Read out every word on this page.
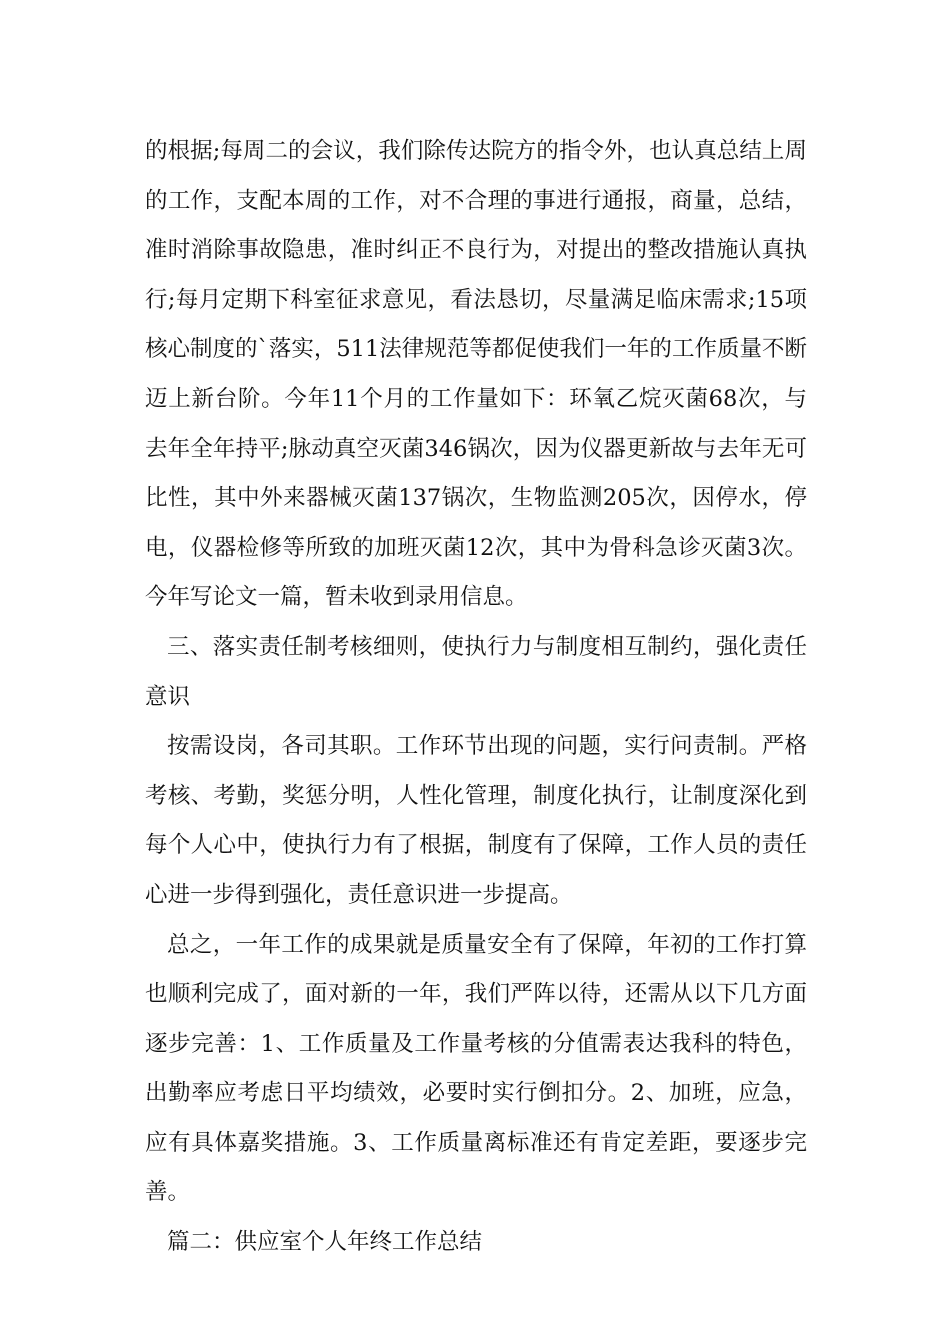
的根据;每周二的会议，我们除传达院方的指令外，也认真总结上周的工作，支配本周的工作，对不合理的事进行通报，商量，总结，准时消除事故隐患，准时纠正不良行为，对提出的整改措施认真执行;每月定期下科室征求意见，看法恳切，尽量满足临床需求;15项核心制度的`落实，511法律规范等都促使我们一年的工作质量不断迈上新台阶。今年11个月的工作量如下：环氧乙烷灭菌68次，与去年全年持平;脉动真空灭菌346锅次，因为仪器更新故与去年无可比性，其中外来器械灭菌137锅次，生物监测205次，因停水，停电，仪器检修等所致的加班灭菌12次，其中为骨科急诊灭菌3次。今年写论文一篇，暂未收到录用信息。

三、落实责任制考核细则，使执行力与制度相互制约，强化责任意识

按需设岗，各司其职。工作环节出现的问题，实行问责制。严格考核、考勤，奖惩分明，人性化管理，制度化执行，让制度深化到每个人心中，使执行力有了根据，制度有了保障，工作人员的责任心进一步得到强化，责任意识进一步提高。

总之，一年工作的成果就是质量安全有了保障，年初的工作打算也顺利完成了，面对新的一年，我们严阵以待，还需从以下几方面逐步完善：1、工作质量及工作量考核的分值需表达我科的特色，出勤率应考虑日平均绩效，必要时实行倒扣分。2、加班，应急，应有具体嘉奖措施。3、工作质量离标准还有肯定差距，要逐步完善。

篇二：供应室个人年终工作总结
